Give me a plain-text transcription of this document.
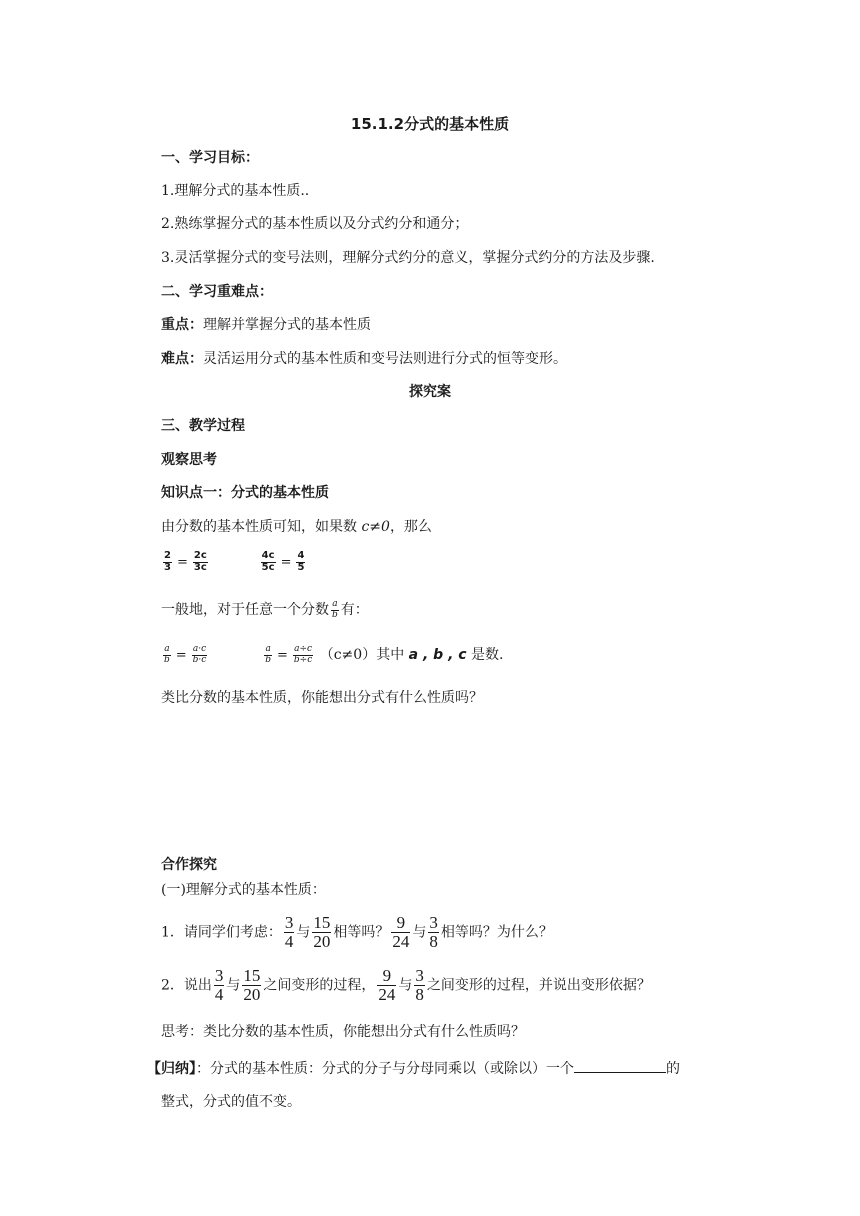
15.1.2分式的基本性质
一、学习目标：
1.理解分式的基本性质..
2.熟练掌握分式的基本性质以及分式约分和通分；
3.灵活掌握分式的变号法则，理解分式约分的意义，掌握分式约分的方法及步骤.
二、学习重难点：
重点：理解并掌握分式的基本性质
难点：灵活运用分式的基本性质和变号法则进行分式的恒等变形。
探究案
三、教学过程
观察思考
知识点一：分式的基本性质
由分数的基本性质可知，如果数 c≠0，那么
$\frac{2}{3} = \frac{2c}{3c}$
	$\frac{4c}{5c} = \frac{4}{5}$
一般地，对于任意一个分数 $\frac{a}{b}$ 有：
$\frac{a}{b} = \frac{a\cdot c}{b\cdot c}$
	$\frac{a}{b} = \frac{a\div c}{b\div c} (c\ne 0)$其中 a , b , c 是数.
类比分数的基本性质，你能想出分式有什么性质吗？
合作探究
(一)理解分式的基本性质：
1．请同学们考虑： $\frac{3}{4}$ 与 $\frac{15}{20}$ 相等吗？ $\frac{9}{24}$ 与 $\frac{3}{8}$ 相等吗？为什么？
2．说出 $\frac{3}{4}$ 与 $\frac{15}{20}$ 之间变形的过程， $\frac{9}{24}$ 与 $\frac{3}{8}$ 之间变形的过程，并说出变形依据？
思考：类比分数的基本性质，你能想出分式有什么性质吗？
【归纳】：分式的基本性质：分式的分子与分母同乘以（或除以）一个	的
整式，分式的值不变。
